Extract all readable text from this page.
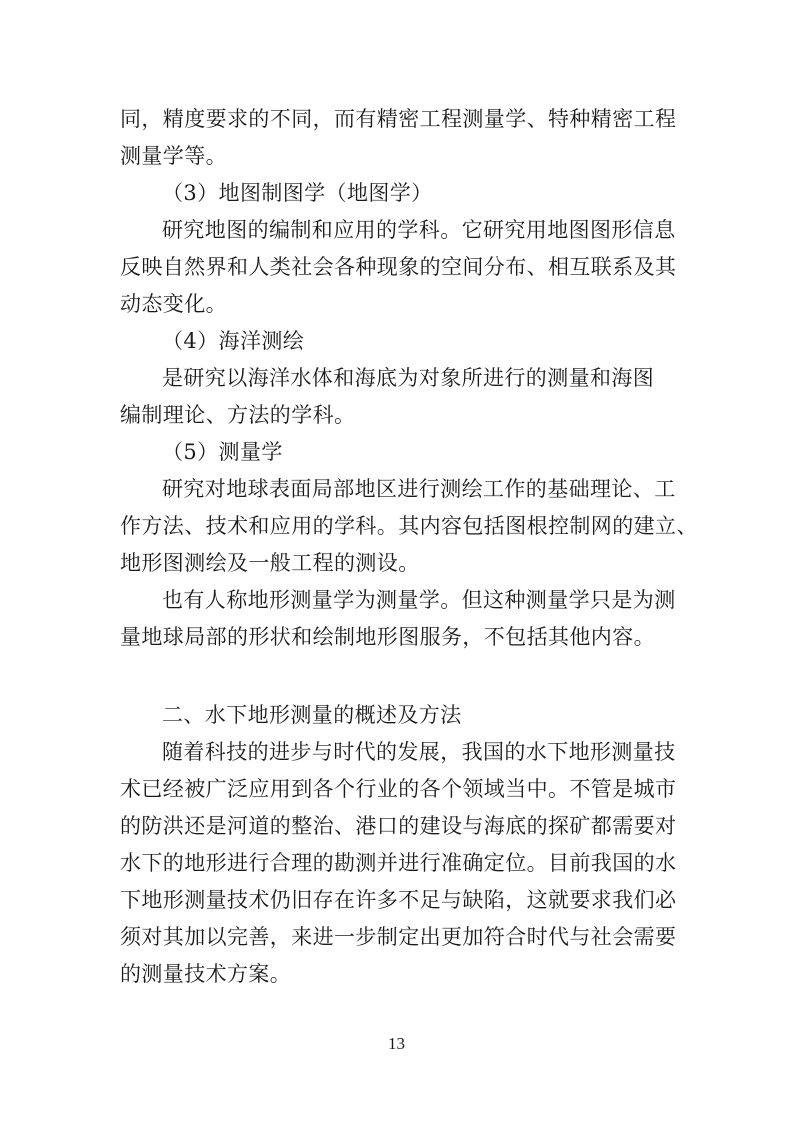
同，精度要求的不同，而有精密工程测量学、特种精密工程
测量学等。
（3）地图制图学（地图学）
研究地图的编制和应用的学科。它研究用地图图形信息
反映自然界和人类社会各种现象的空间分布、相互联系及其
动态变化。
（4）海洋测绘
是研究以海洋水体和海底为对象所进行的测量和海图
编制理论、方法的学科。
（5）测量学
研究对地球表面局部地区进行测绘工作的基础理论、工
作方法、技术和应用的学科。其内容包括图根控制网的建立、
地形图测绘及一般工程的测设。
也有人称地形测量学为测量学。但这种测量学只是为测
量地球局部的形状和绘制地形图服务，不包括其他内容。
二、水下地形测量的概述及方法
随着科技的进步与时代的发展，我国的水下地形测量技
术已经被广泛应用到各个行业的各个领域当中。不管是城市
的防洪还是河道的整治、港口的建设与海底的探矿都需要对
水下的地形进行合理的勘测并进行准确定位。目前我国的水
下地形测量技术仍旧存在许多不足与缺陷，这就要求我们必
须对其加以完善，来进一步制定出更加符合时代与社会需要
的测量技术方案。
13
